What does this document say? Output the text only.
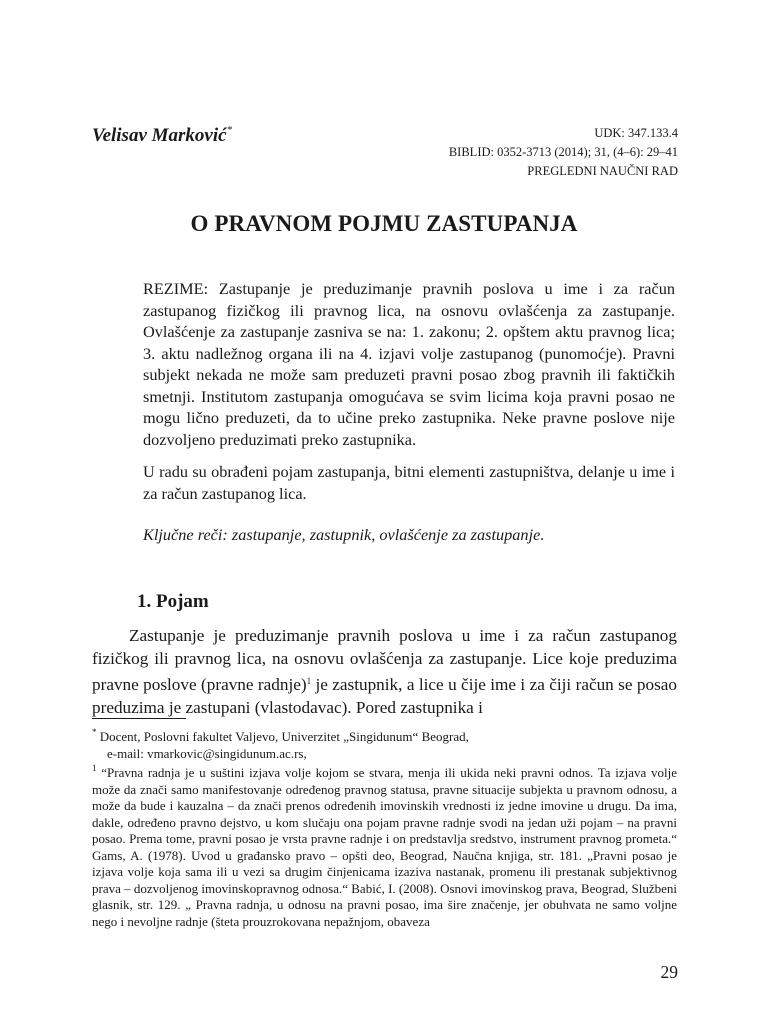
Velisav Marković*	UDK: 347.133.4
BIBLID: 0352-3713 (2014); 31, (4–6): 29–41
PREGLEDNI NAUČNI RAD
O PRAVNOM POJMU ZASTUPANJA

REZIME: Zastupanje je preduzimanje pravnih poslova u ime i za račun zastupanog fizičkog ili pravnog lica, na osnovu ovlašćenja za zastupanje. Ovlašćenje za zastupanje zasniva se na: 1. zakonu; 2. opštem aktu pravnog lica; 3. aktu nadležnog organa ili na 4. izjavi volje zastupanog (punomoćje). Pravni subjekt nekada ne može sam preduzeti pravni posao zbog pravnih ili faktičkih smetnji. Institutom zastupanja omogućava se svim licima koja pravni posao ne mogu lično preduzeti, da to učine preko zastupnika. Neke pravne poslove nije dozvoljeno preduzimati preko zastupnika.

U radu su obrađeni pojam zastupanja, bitni elementi zastupništva, delanje u ime i za račun zastupanog lica.

Ključne reči: zastupanje, zastupnik, ovlašćenje za zastupanje.

1. Pojam
Zastupanje je preduzimanje pravnih poslova u ime i za račun zastupanog fizičkog ili pravnog lica, na osnovu ovlašćenja za zastupanje. Lice koje preduzima pravne poslove (pravne radnje)$^1$ je zastupnik, a lice u čije ime i za čiji račun se posao preduzima je zastupani (vlastodavac). Pored zastupnika i
* Docent, Poslovni fakultet Valjevo, Univerzitet „Singidunum“ Beograd,
e-mail: vmarkovic@singidunum.ac.rs,
$^1$ “Pravna radnja je u suštini izjava volje kojom se stvara, menja ili ukida neki pravni odnos. Ta izjava volje može da znači samo manifestovanje određenog pravnog statusa, pravne situacije subjekta u pravnom odnosu, a može da bude i kauzalna – da znači prenos određenih imovinskih vrednosti iz jedne imovine u drugu. Da ima, dakle, određeno pravno dejstvo, u kom slučaju ona pojam pravne radnje svodi na jedan uži pojam – na pravni posao. Prema tome, pravni posao je vrsta pravne radnje i on predstavlja sredstvo, instrument pravnog prometa.“ Gams, A. (1978). Uvod u građansko pravo – opšti deo, Beograd, Naučna knjiga, str. 181. „Pravni posao je izjava volje koja sama ili u vezi sa drugim činjenicama izaziva nastanak, promenu ili prestanak subjektivnog prava – dozvoljenog imovinskopravnog odnosa.“ Babić, I. (2008). Osnovi imovinskog prava, Beograd, Službeni glasnik, str. 129. „ Pravna radnja, u odnosu na pravni posao, ima šire značenje, jer obuhvata ne samo voljne nego i nevoljne radnje (šteta prouzrokovana nepažnjom, obaveza
29
